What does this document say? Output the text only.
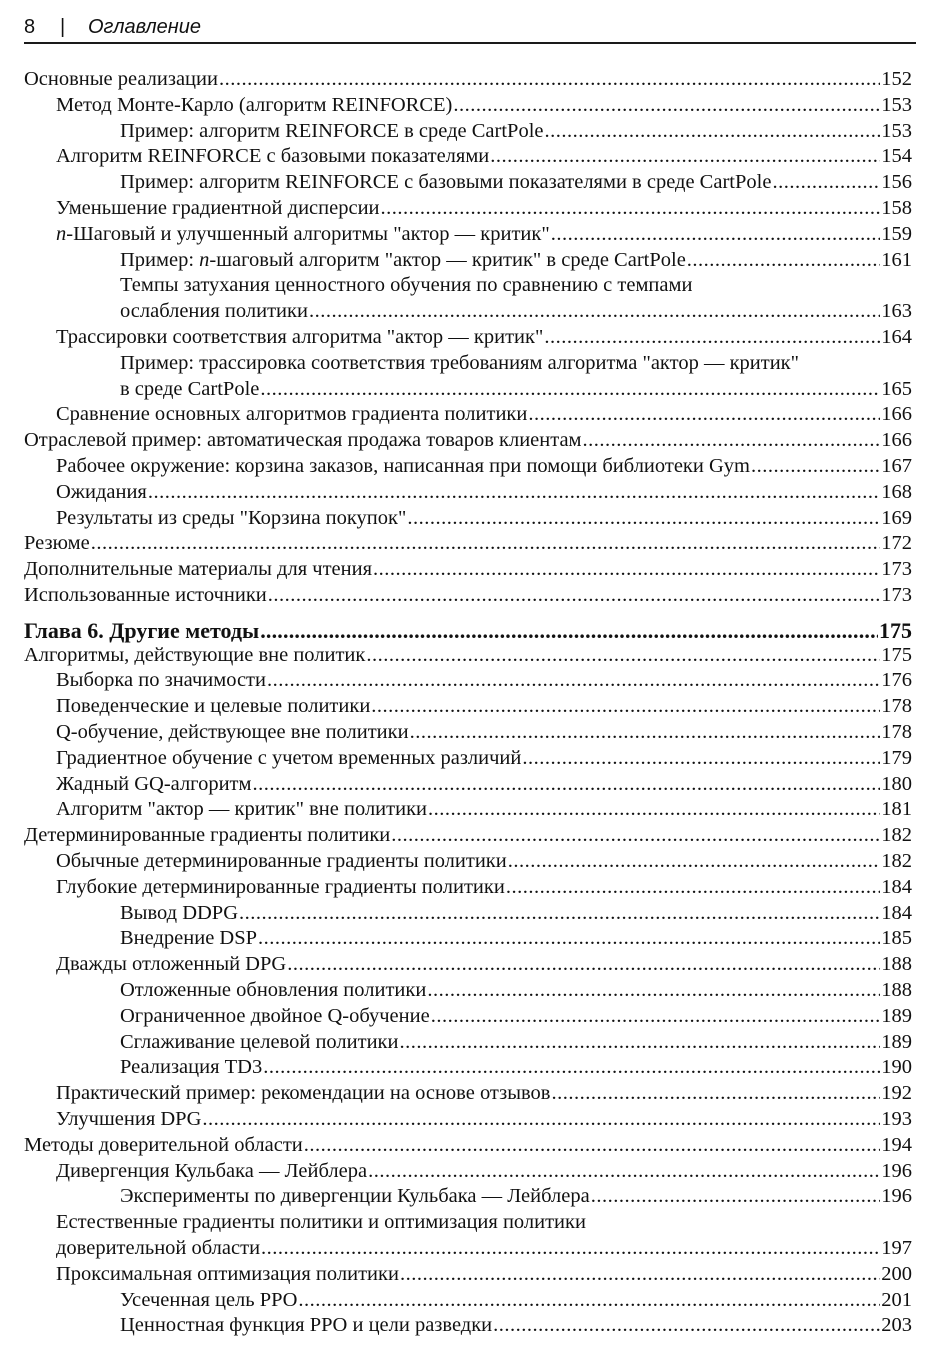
8 | Оглавление
Основные реализации .....	152
Метод Монте-Карло (алгоритм REINFORCE) .....	153
Пример: алгоритм REINFORCE в среде CartPole .....	153
Алгоритм REINFORCE с базовыми показателями .....	154
Пример: алгоритм REINFORCE с базовыми показателями в среде CartPole .....	156
Уменьшение градиентной дисперсии .....	158
n-Шаговый и улучшенный алгоритмы "актор — критик" .....	159
Пример: n-шаговый алгоритм "актор — критик" в среде CartPole .....	161
Темпы затухания ценностного обучения по сравнению с темпами
ослабления политики .....	163
Трассировки соответствия алгоритма "актор — критик" .....	164
Пример: трассировка соответствия требованиям алгоритма "актор — критик"
в среде CartPole .....	165
Сравнение основных алгоритмов градиента политики .....	166
Отраслевой пример: автоматическая продажа товаров клиентам .....	166
Рабочее окружение: корзина заказов, написанная при помощи библиотеки Gym .....	167
Ожидания .....	168
Результаты из среды "Корзина покупок" .....	169
Резюме .....	172
Дополнительные материалы для чтения .....	173
Использованные источники .....	173
Глава 6. Другие методы .....	175
Алгоритмы, действующие вне политик .....	175
Выборка по значимости .....	176
Поведенческие и целевые политики .....	178
Q-обучение, действующее вне политики .....	178
Градиентное обучение с учетом временных различий .....	179
Жадный GQ-алгоритм .....	180
Алгоритм "актор — критик" вне политики .....	181
Детерминированные градиенты политики .....	182
Обычные детерминированные градиенты политики .....	182
Глубокие детерминированные градиенты политики .....	184
Вывод DDPG .....	184
Внедрение DSP .....	185
Дважды отложенный DPG .....	188
Отложенные обновления политики .....	188
Ограниченное двойное Q-обучение .....	189
Сглаживание целевой политики .....	189
Реализация TD3 .....	190
Практический пример: рекомендации на основе отзывов .....	192
Улучшения DPG .....	193
Методы доверительной области .....	194
Дивергенция Кульбака — Лейблера .....	196
Эксперименты по дивергенции Кульбака — Лейблера .....	196
Естественные градиенты политики и оптимизация политики
доверительной области .....	197
Проксимальная оптимизация политики .....	200
Усеченная цель PPO .....	201
Ценностная функция PPO и цели разведки .....	203
